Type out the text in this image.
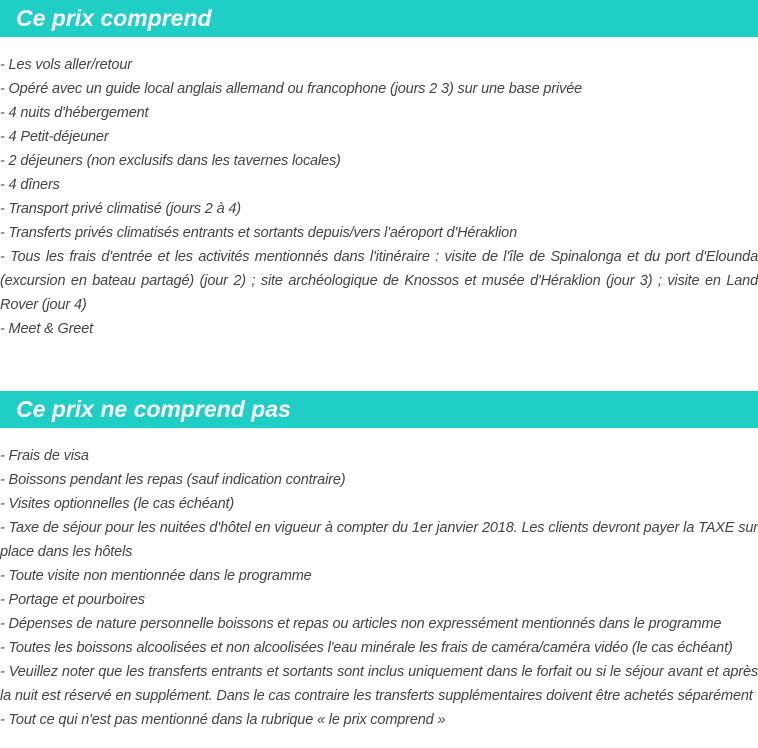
Ce prix comprend
- Les vols aller/retour
- Opéré avec un guide local anglais allemand ou francophone (jours 2 3) sur une base privée
- 4 nuits d'hébergement
- 4 Petit-déjeuner
- 2 déjeuners (non exclusifs dans les tavernes locales)
- 4 dîners
- Transport privé climatisé (jours 2 à 4)
- Transferts privés climatisés entrants et sortants depuis/vers l'aéroport d'Héraklion
- Tous les frais d'entrée et les activités mentionnés dans l'itinéraire : visite de l'île de Spinalonga et du port d'Elounda (excursion en bateau partagé) (jour 2) ; site archéologique de Knossos et musée d'Héraklion (jour 3) ; visite en Land Rover (jour 4)
- Meet & Greet
Ce prix ne comprend pas
- Frais de visa
- Boissons pendant les repas (sauf indication contraire)
- Visites optionnelles (le cas échéant)
- Taxe de séjour pour les nuitées d'hôtel en vigueur à compter du 1er janvier 2018. Les clients devront payer la TAXE sur place dans les hôtels
- Toute visite non mentionnée dans le programme
- Portage et pourboires
- Dépenses de nature personnelle boissons et repas ou articles non expressément mentionnés dans le programme
- Toutes les boissons alcoolisées et non alcoolisées l'eau minérale les frais de caméra/caméra vidéo (le cas échéant)
- Veuillez noter que les transferts entrants et sortants sont inclus uniquement dans le forfait ou si le séjour avant et après la nuit est réservé en supplément. Dans le cas contraire les transferts supplémentaires doivent être achetés séparément
- Tout ce qui n'est pas mentionné dans la rubrique « le prix comprend »
